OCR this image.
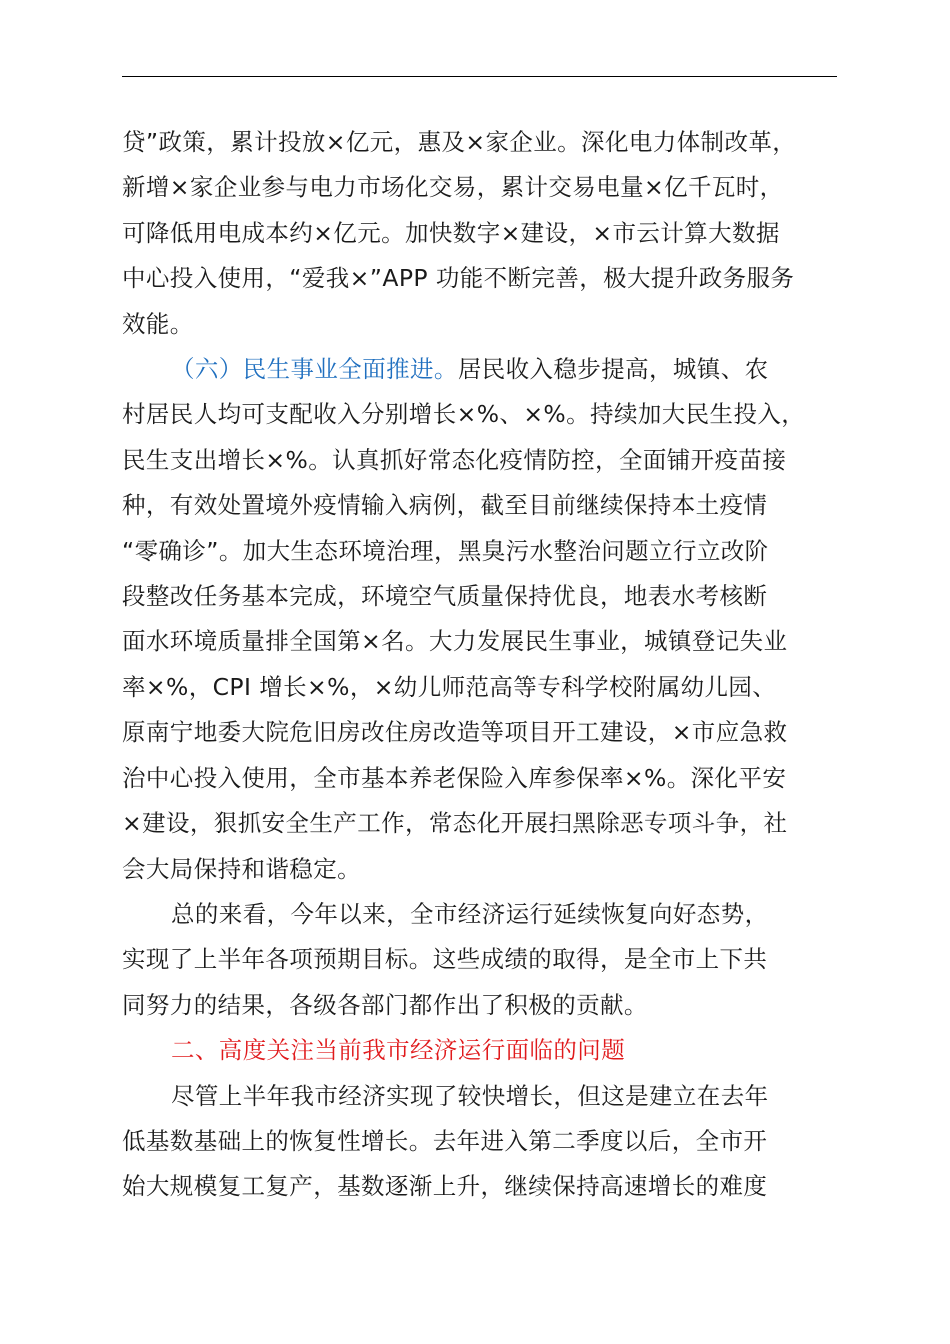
贷”政策，累计投放×亿元，惠及×家企业。深化电力体制改革，
新增×家企业参与电力市场化交易，累计交易电量×亿千瓦时，
可降低用电成本约×亿元。加快数字×建设，×市云计算大数据
中心投入使用，“爱我×”APP 功能不断完善，极大提升政务服务
效能。

（六）民生事业全面推进。居民收入稳步提高，城镇、农
村居民人均可支配收入分别增长×%、×%。持续加大民生投入，
民生支出增长×%。认真抓好常态化疫情防控，全面铺开疫苗接
种，有效处置境外疫情输入病例，截至目前继续保持本土疫情
“零确诊”。加大生态环境治理，黑臭污水整治问题立行立改阶
段整改任务基本完成，环境空气质量保持优良，地表水考核断
面水环境质量排全国第×名。大力发展民生事业，城镇登记失业
率×%，CPI 增长×%，×幼儿师范高等专科学校附属幼儿园、
原南宁地委大院危旧房改住房改造等项目开工建设，×市应急救
治中心投入使用，全市基本养老保险入库参保率×%。深化平安
×建设，狠抓安全生产工作，常态化开展扫黑除恶专项斗争，社
会大局保持和谐稳定。

总的来看，今年以来，全市经济运行延续恢复向好态势，
实现了上半年各项预期目标。这些成绩的取得，是全市上下共
同努力的结果，各级各部门都作出了积极的贡献。

二、高度关注当前我市经济运行面临的问题

尽管上半年我市经济实现了较快增长，但这是建立在去年
低基数基础上的恢复性增长。去年进入第二季度以后，全市开
始大规模复工复产，基数逐渐上升，继续保持高速增长的难度
